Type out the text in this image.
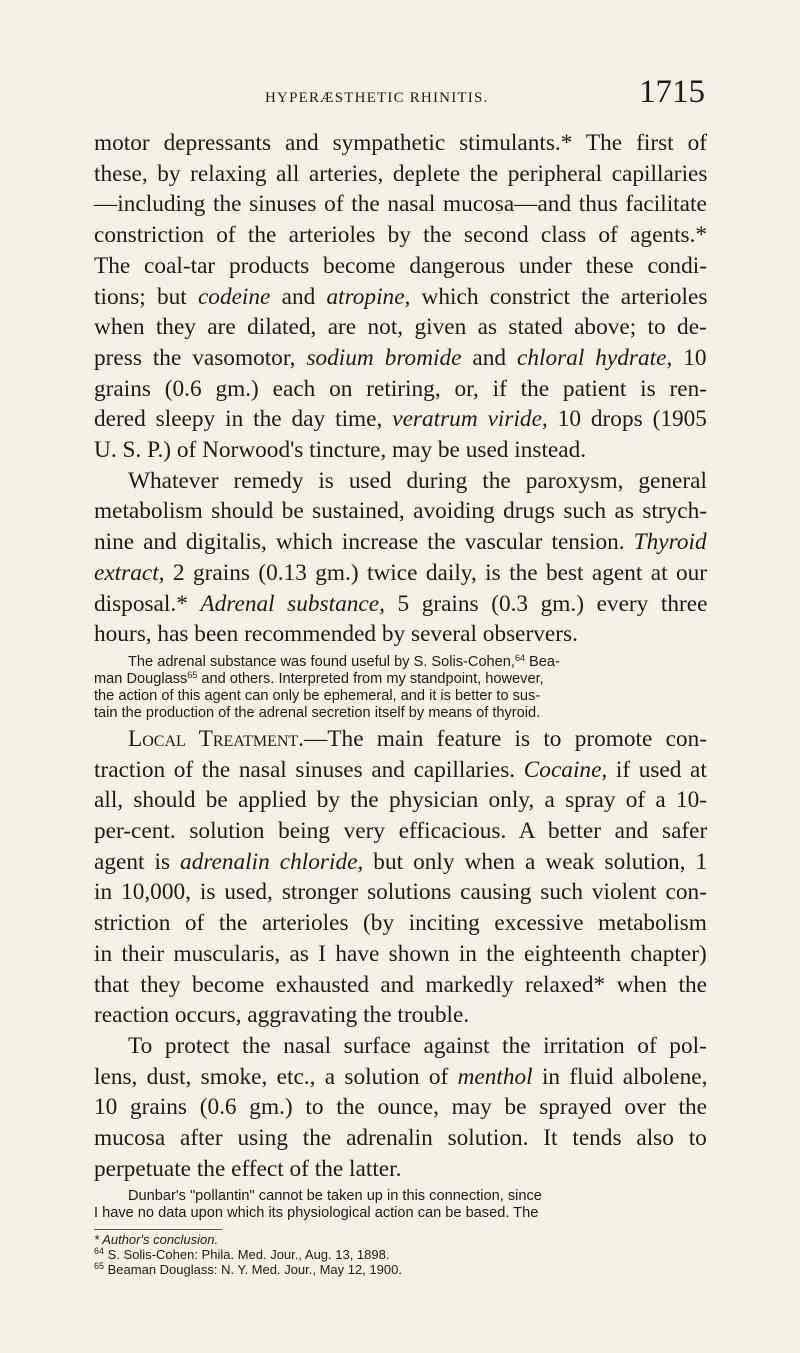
HYPERÆSTHETIC RHINITIS.	1715

motor depressants and sympathetic stimulants.* The first of
these, by relaxing all arteries, deplete the peripheral capillaries
—including the sinuses of the nasal mucosa—and thus facilitate
constriction of the arterioles by the second class of agents.*
The coal-tar products become dangerous under these condi-
tions; but codeine and atropine, which constrict the arterioles
when they are dilated, are not, given as stated above; to de-
press the vasomotor, sodium bromide and chloral hydrate, 10
grains (0.6 gm.) each on retiring, or, if the patient is ren-
dered sleepy in the day time, veratrum viride, 10 drops (1905
U. S. P.) of Norwood's tincture, may be used instead.

Whatever remedy is used during the paroxysm, general
metabolism should be sustained, avoiding drugs such as strych-
nine and digitalis, which increase the vascular tension. Thyroid
extract, 2 grains (0.13 gm.) twice daily, is the best agent at our
disposal.* Adrenal substance, 5 grains (0.3 gm.) every three
hours, has been recommended by several observers.

The adrenal substance was found useful by S. Solis-Cohen,$^{64}$ Bea-
man Douglass$^{65}$ and others. Interpreted from my standpoint, however,
the action of this agent can only be ephemeral, and it is better to sus-
tain the production of the adrenal secretion itself by means of thyroid.

Local Treatment.—The main feature is to promote con-
traction of the nasal sinuses and capillaries. Cocaine, if used at
all, should be applied by the physician only, a spray of a 10-
per-cent. solution being very efficacious. A better and safer
agent is adrenalin chloride, but only when a weak solution, 1
in 10,000, is used, stronger solutions causing such violent con-
striction of the arterioles (by inciting excessive metabolism
in their muscularis, as I have shown in the eighteenth chapter)
that they become exhausted and markedly relaxed* when the
reaction occurs, aggravating the trouble.

To protect the nasal surface against the irritation of pol-
lens, dust, smoke, etc., a solution of menthol in fluid albolene,
10 grains (0.6 gm.) to the ounce, may be sprayed over the
mucosa after using the adrenalin solution. It tends also to
perpetuate the effect of the latter.

Dunbar's "pollantin" cannot be taken up in this connection, since
I have no data upon which its physiological action can be based. The

* Author's conclusion.
$^{64}$ S. Solis-Cohen: Phila. Med. Jour., Aug. 13, 1898.
$^{65}$ Beaman Douglass: N. Y. Med. Jour., May 12, 1900.
